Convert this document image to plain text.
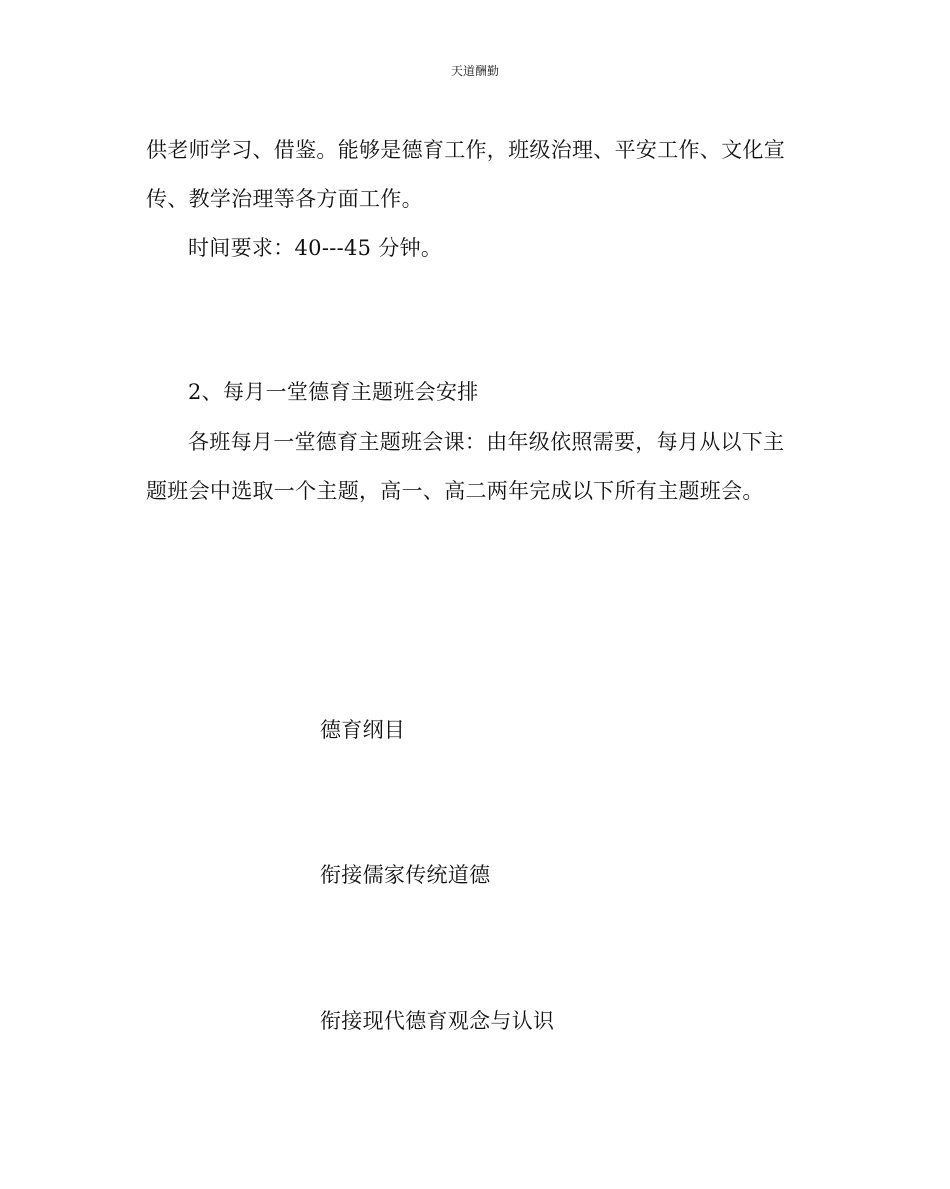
天道酬勤
供老师学习、借鉴。能够是德育工作，班级治理、平安工作、文化宣
传、教学治理等各方面工作。
时间要求：40---45 分钟。
2、每月一堂德育主题班会安排
各班每月一堂德育主题班会课：由年级依照需要，每月从以下主
题班会中选取一个主题，高一、高二两年完成以下所有主题班会。
德育纲目
衔接儒家传统道德
衔接现代德育观念与认识
